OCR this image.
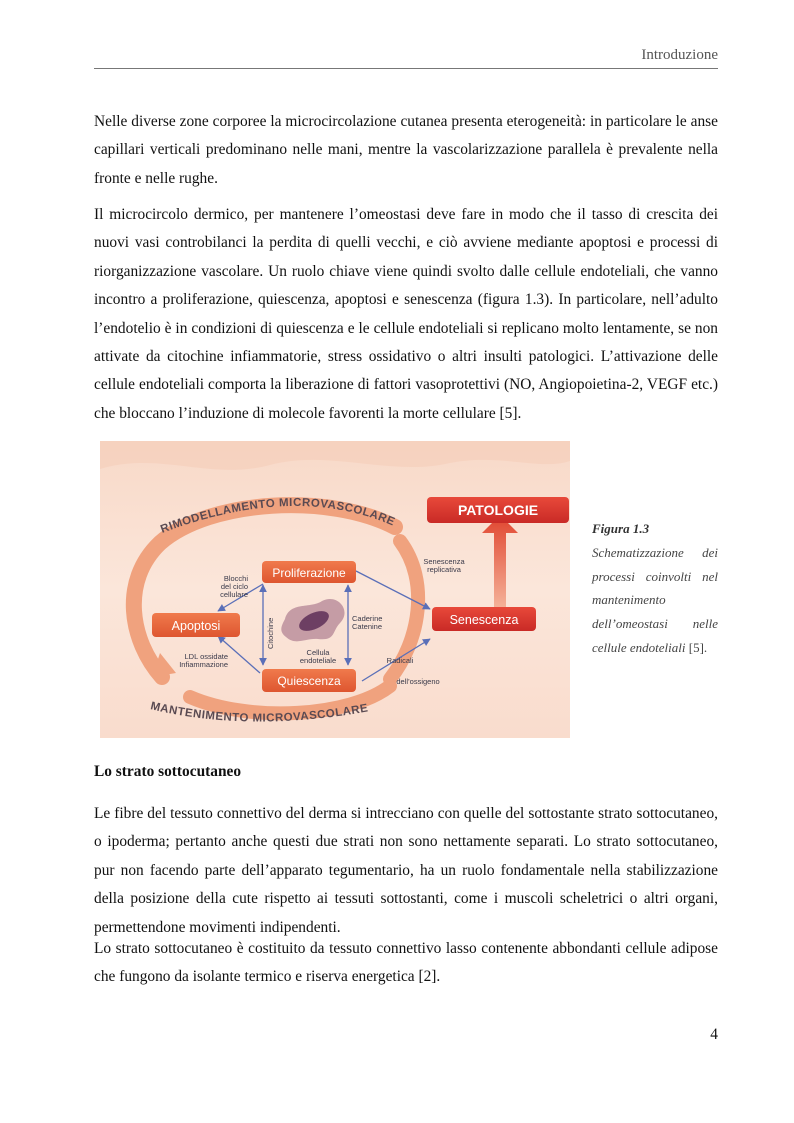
Introduzione

Nelle diverse zone corporee la microcircolazione cutanea presenta eterogeneità: in particolare le anse capillari verticali predominano nelle mani, mentre la vascolarizzazione parallela è prevalente nella fronte e nelle rughe.

Il microcircolo dermico, per mantenere l’omeostasi deve fare in modo che il tasso di crescita dei nuovi vasi controbilanci la perdita di quelli vecchi, e ciò avviene mediante apoptosi e processi di riorganizzazione vascolare. Un ruolo chiave viene quindi svolto dalle cellule endoteliali, che vanno incontro a proliferazione, quiescenza, apoptosi e senescenza (figura 1.3). In particolare, nell’adulto l’endotelio è in condizioni di quiescenza e le cellule endoteliali si replicano molto lentamente, se non attivate da citochine infiammatorie, stress ossidativo o altri insulti patologici. L’attivazione delle cellule endoteliali comporta la liberazione di fattori vasoprotettivi (NO, Angiopoietina-2, VEGF etc.) che bloccano l’induzione di molecole favorenti la morte cellulare [5].

RIMODELLAMENTO MICROVASCOLARE
MANTENIMENTO MICROVASCOLARE
PATOLOGIE
Proliferazione
Apoptosi
Quiescenza
Senescenza
Blocchi
del ciclo
cellulare
Senescenza
replicativa
Citochine	Caderine
Catenine
Cellula
endoteliale
LDL ossidate
Infiammazione	Radicali
dell’ossigeno
Figura 1.3
Schematizzazione dei processi coinvolti nel mantenimento dell’omeostasi nelle cellule endoteliali [5].
Lo strato sottocutaneo

Le fibre del tessuto connettivo del derma si intrecciano con quelle del sottostante strato sottocutaneo, o ipoderma; pertanto anche questi due strati non sono nettamente separati. Lo strato sottocutaneo, pur non facendo parte dell’apparato tegumentario, ha un ruolo fondamentale nella stabilizzazione della posizione della cute rispetto ai tessuti sottostanti, come i muscoli scheletrici o altri organi, permettendone movimenti indipendenti.

Lo strato sottocutaneo è costituito da tessuto connettivo lasso contenente abbondanti cellule adipose che fungono da isolante termico e riserva energetica [2].

4
